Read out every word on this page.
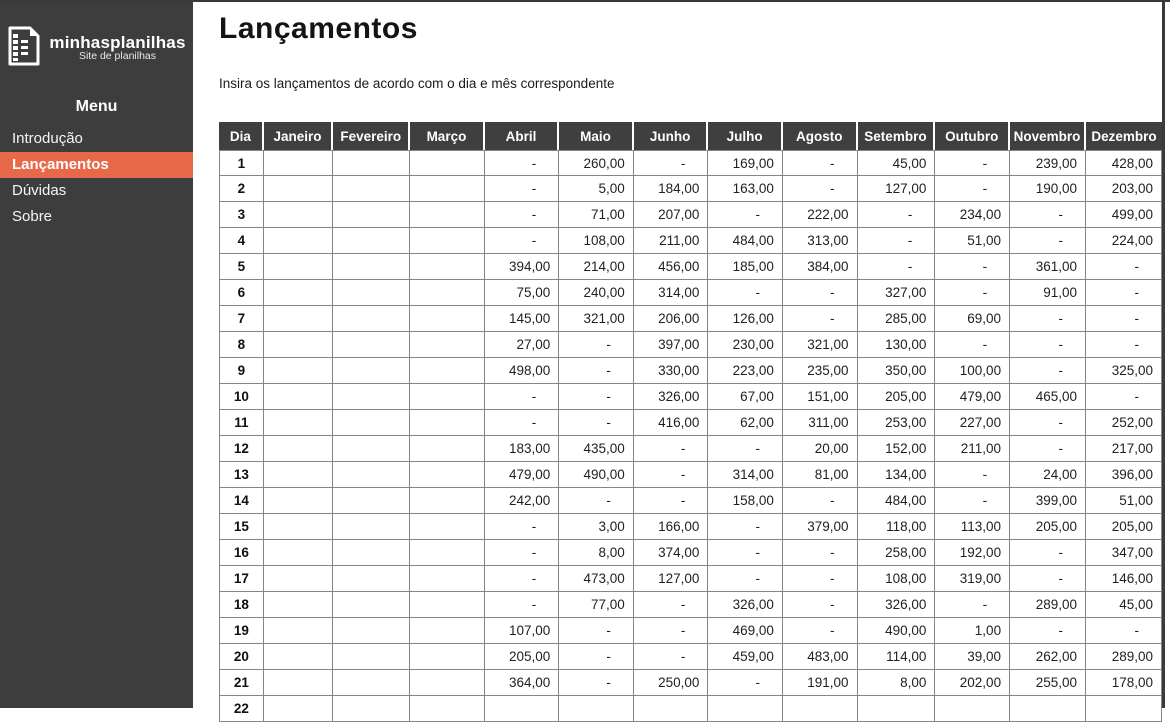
minhasplanilhas
Site de planilhas
Menu
Introdução
Lançamentos
Dúvidas
Sobre
Lançamentos
Insira os lançamentos de acordo com o dia e mês correspondente
Dia	Janeiro	Fevereiro	Março	Abril	Maio	Junho	Julho	Agosto	Setembro	Outubro	Novembro	Dezembro
1				-	260,00	-	169,00	-	45,00	-	239,00	428,00
2				-	5,00	184,00	163,00	-	127,00	-	190,00	203,00
3				-	71,00	207,00	-	222,00	-	234,00	-	499,00
4				-	108,00	211,00	484,00	313,00	-	51,00	-	224,00
5				394,00	214,00	456,00	185,00	384,00	-	-	361,00	-
6				75,00	240,00	314,00	-	-	327,00	-	91,00	-
7				145,00	321,00	206,00	126,00	-	285,00	69,00	-	-
8				27,00	-	397,00	230,00	321,00	130,00	-	-	-
9				498,00	-	330,00	223,00	235,00	350,00	100,00	-	325,00
10				-	-	326,00	67,00	151,00	205,00	479,00	465,00	-
11				-	-	416,00	62,00	311,00	253,00	227,00	-	252,00
12				183,00	435,00	-	-	20,00	152,00	211,00	-	217,00
13				479,00	490,00	-	314,00	81,00	134,00	-	24,00	396,00
14				242,00	-	-	158,00	-	484,00	-	399,00	51,00
15				-	3,00	166,00	-	379,00	118,00	113,00	205,00	205,00
16				-	8,00	374,00	-	-	258,00	192,00	-	347,00
17				-	473,00	127,00	-	-	108,00	319,00	-	146,00
18				-	77,00	-	326,00	-	326,00	-	289,00	45,00
19				107,00	-	-	469,00	-	490,00	1,00	-	-
20				205,00	-	-	459,00	483,00	114,00	39,00	262,00	289,00
21				364,00	-	250,00	-	191,00	8,00	202,00	255,00	178,00
22												
